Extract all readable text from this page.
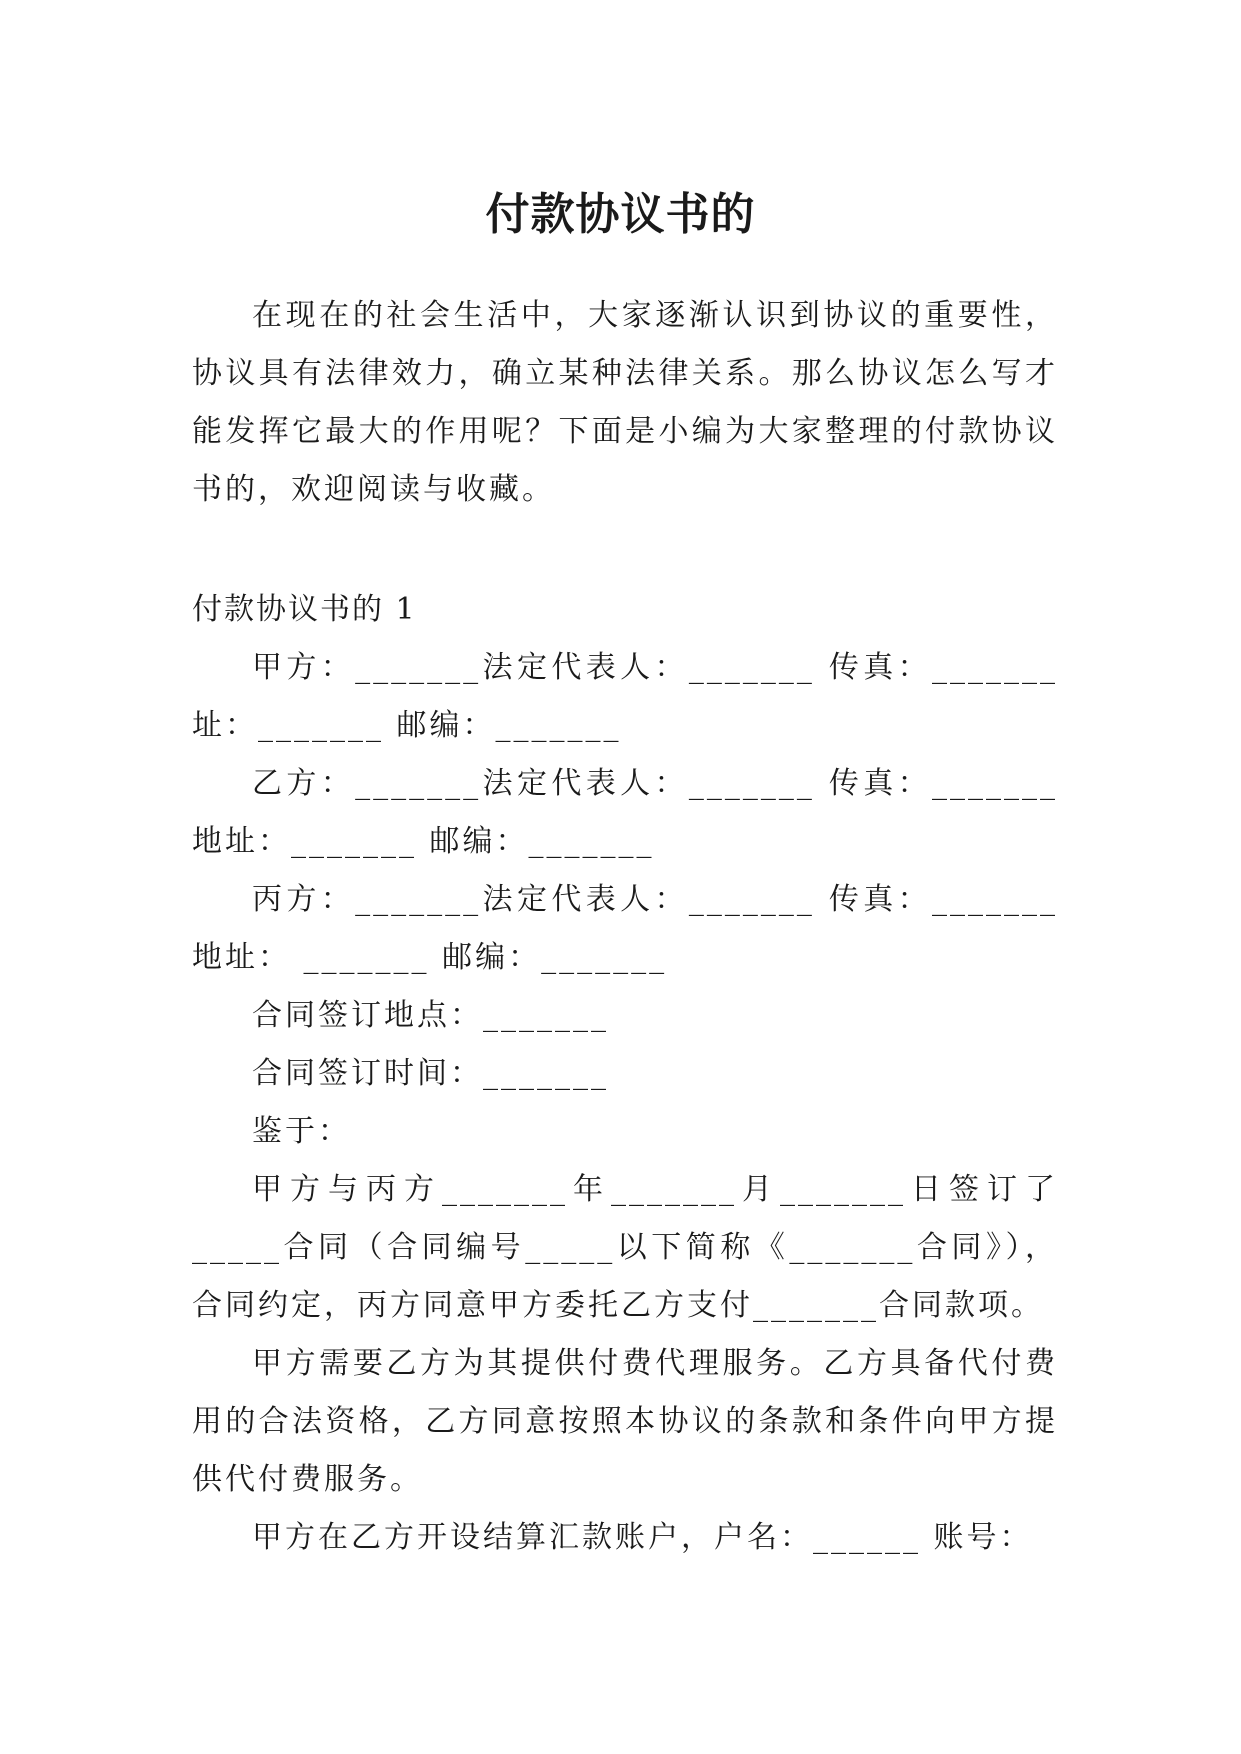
付款协议书的

在现在的社会生活中，大家逐渐认识到协议的重要性，协议具有法律效力，确立某种法律关系。那么协议怎么写才能发挥它最大的作用呢？下面是小编为大家整理的付款协议书的，欢迎阅读与收藏。

付款协议书的 1

甲方：_______法定代表人：_______ 传真：_______址：_______ 邮编：_______

乙方：_______法定代表人：_______ 传真：_______地址：_______ 邮编：_______

丙方：_______法定代表人：_______ 传真：_______地址： _______ 邮编：_______

合同签订地点：_______

合同签订时间：_______

鉴于：

甲方与丙方_______年_______月_______日签订了_____合同（合同编号_____以下简称《_______合同》），合同约定，丙方同意甲方委托乙方支付_______合同款项。

甲方需要乙方为其提供付费代理服务。乙方具备代付费用的合法资格，乙方同意按照本协议的条款和条件向甲方提供代付费服务。

甲方在乙方开设结算汇款账户，户名：______ 账号：
